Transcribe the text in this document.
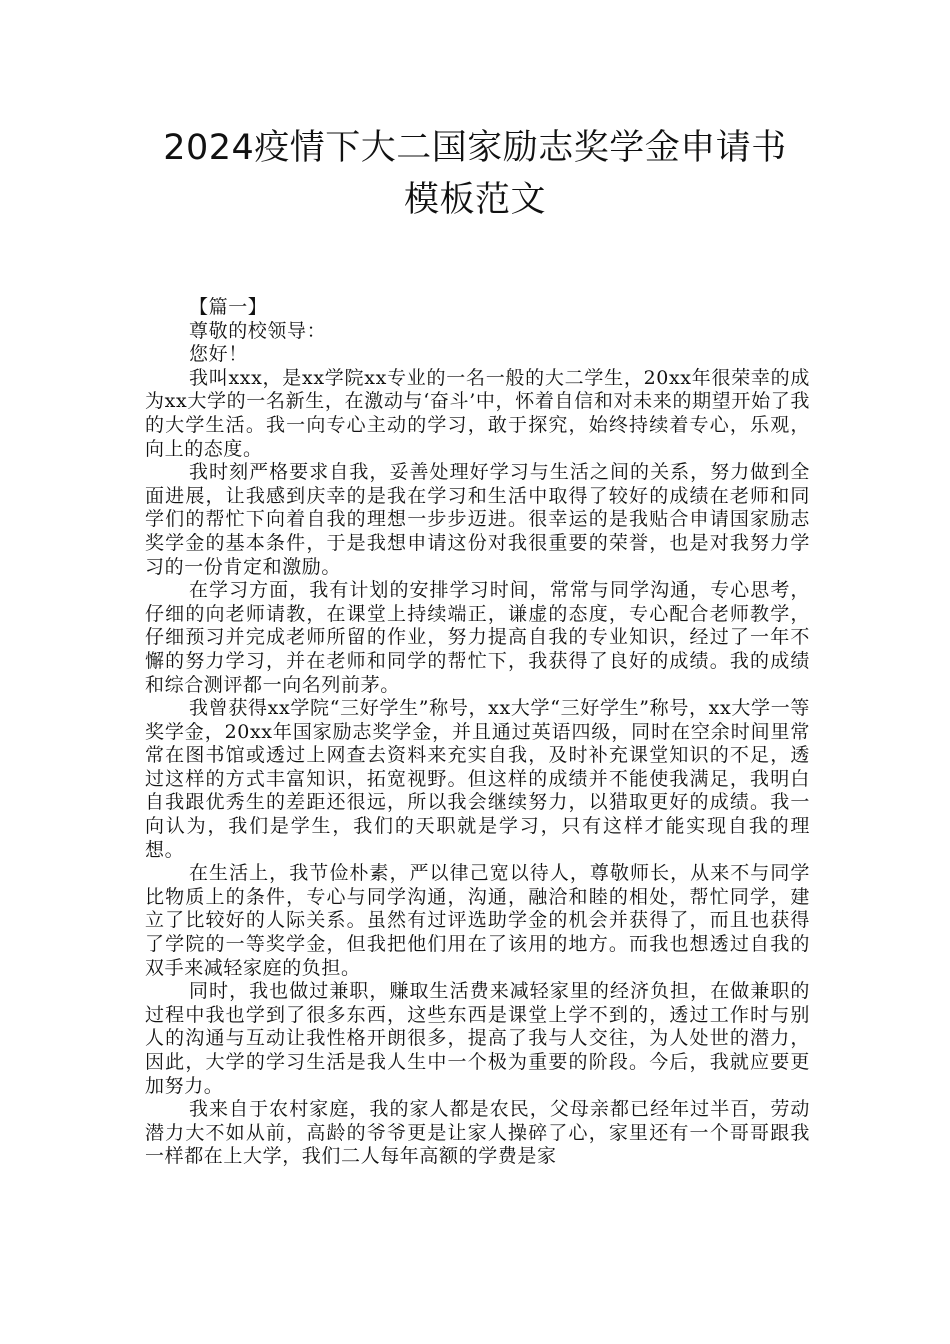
2024疫情下大二国家励志奖学金申请书
模板范文

【篇一】

尊敬的校领导：

您好！

我叫xxx，是xx学院xx专业的一名一般的大二学生，20xx年很荣幸的成为xx大学的一名新生，在激动与‘奋斗’中，怀着自信和对未来的期望开始了我的大学生活。我一向专心主动的学习，敢于探究，始终持续着专心，乐观，向上的态度。

我时刻严格要求自我，妥善处理好学习与生活之间的关系，努力做到全面进展，让我感到庆幸的是我在学习和生活中取得了较好的成绩在老师和同学们的帮忙下向着自我的理想一步步迈进。很幸运的是我贴合申请国家励志奖学金的基本条件，于是我想申请这份对我很重要的荣誉，也是对我努力学习的一份肯定和激励。

在学习方面，我有计划的安排学习时间，常常与同学沟通，专心思考，仔细的向老师请教，在课堂上持续端正，谦虚的态度，专心配合老师教学，仔细预习并完成老师所留的作业，努力提高自我的专业知识，经过了一年不懈的努力学习，并在老师和同学的帮忙下，我获得了良好的成绩。我的成绩和综合测评都一向名列前茅。

我曾获得xx学院“三好学生”称号，xx大学“三好学生”称号，xx大学一等奖学金，20xx年国家励志奖学金，并且通过英语四级，同时在空余时间里常常在图书馆或透过上网查去资料来充实自我，及时补充课堂知识的不足，透过这样的方式丰富知识，拓宽视野。但这样的成绩并不能使我满足，我明白自我跟优秀生的差距还很远，所以我会继续努力，以猎取更好的成绩。我一向认为，我们是学生，我们的天职就是学习，只有这样才能实现自我的理想。

在生活上，我节俭朴素，严以律己宽以待人，尊敬师长，从来不与同学比物质上的条件，专心与同学沟通，沟通，融洽和睦的相处，帮忙同学，建立了比较好的人际关系。虽然有过评选助学金的机会并获得了，而且也获得了学院的一等奖学金，但我把他们用在了该用的地方。而我也想透过自我的双手来减轻家庭的负担。

同时，我也做过兼职，赚取生活费来减轻家里的经济负担，在做兼职的过程中我也学到了很多东西，这些东西是课堂上学不到的，透过工作时与别人的沟通与互动让我性格开朗很多，提高了我与人交往，为人处世的潜力，因此，大学的学习生活是我人生中一个极为重要的阶段。今后，我就应要更加努力。

我来自于农村家庭，我的家人都是农民，父母亲都已经年过半百，劳动潜力大不如从前，高龄的爷爷更是让家人操碎了心，家里还有一个哥哥跟我一样都在上大学，我们二人每年高额的学费是家
